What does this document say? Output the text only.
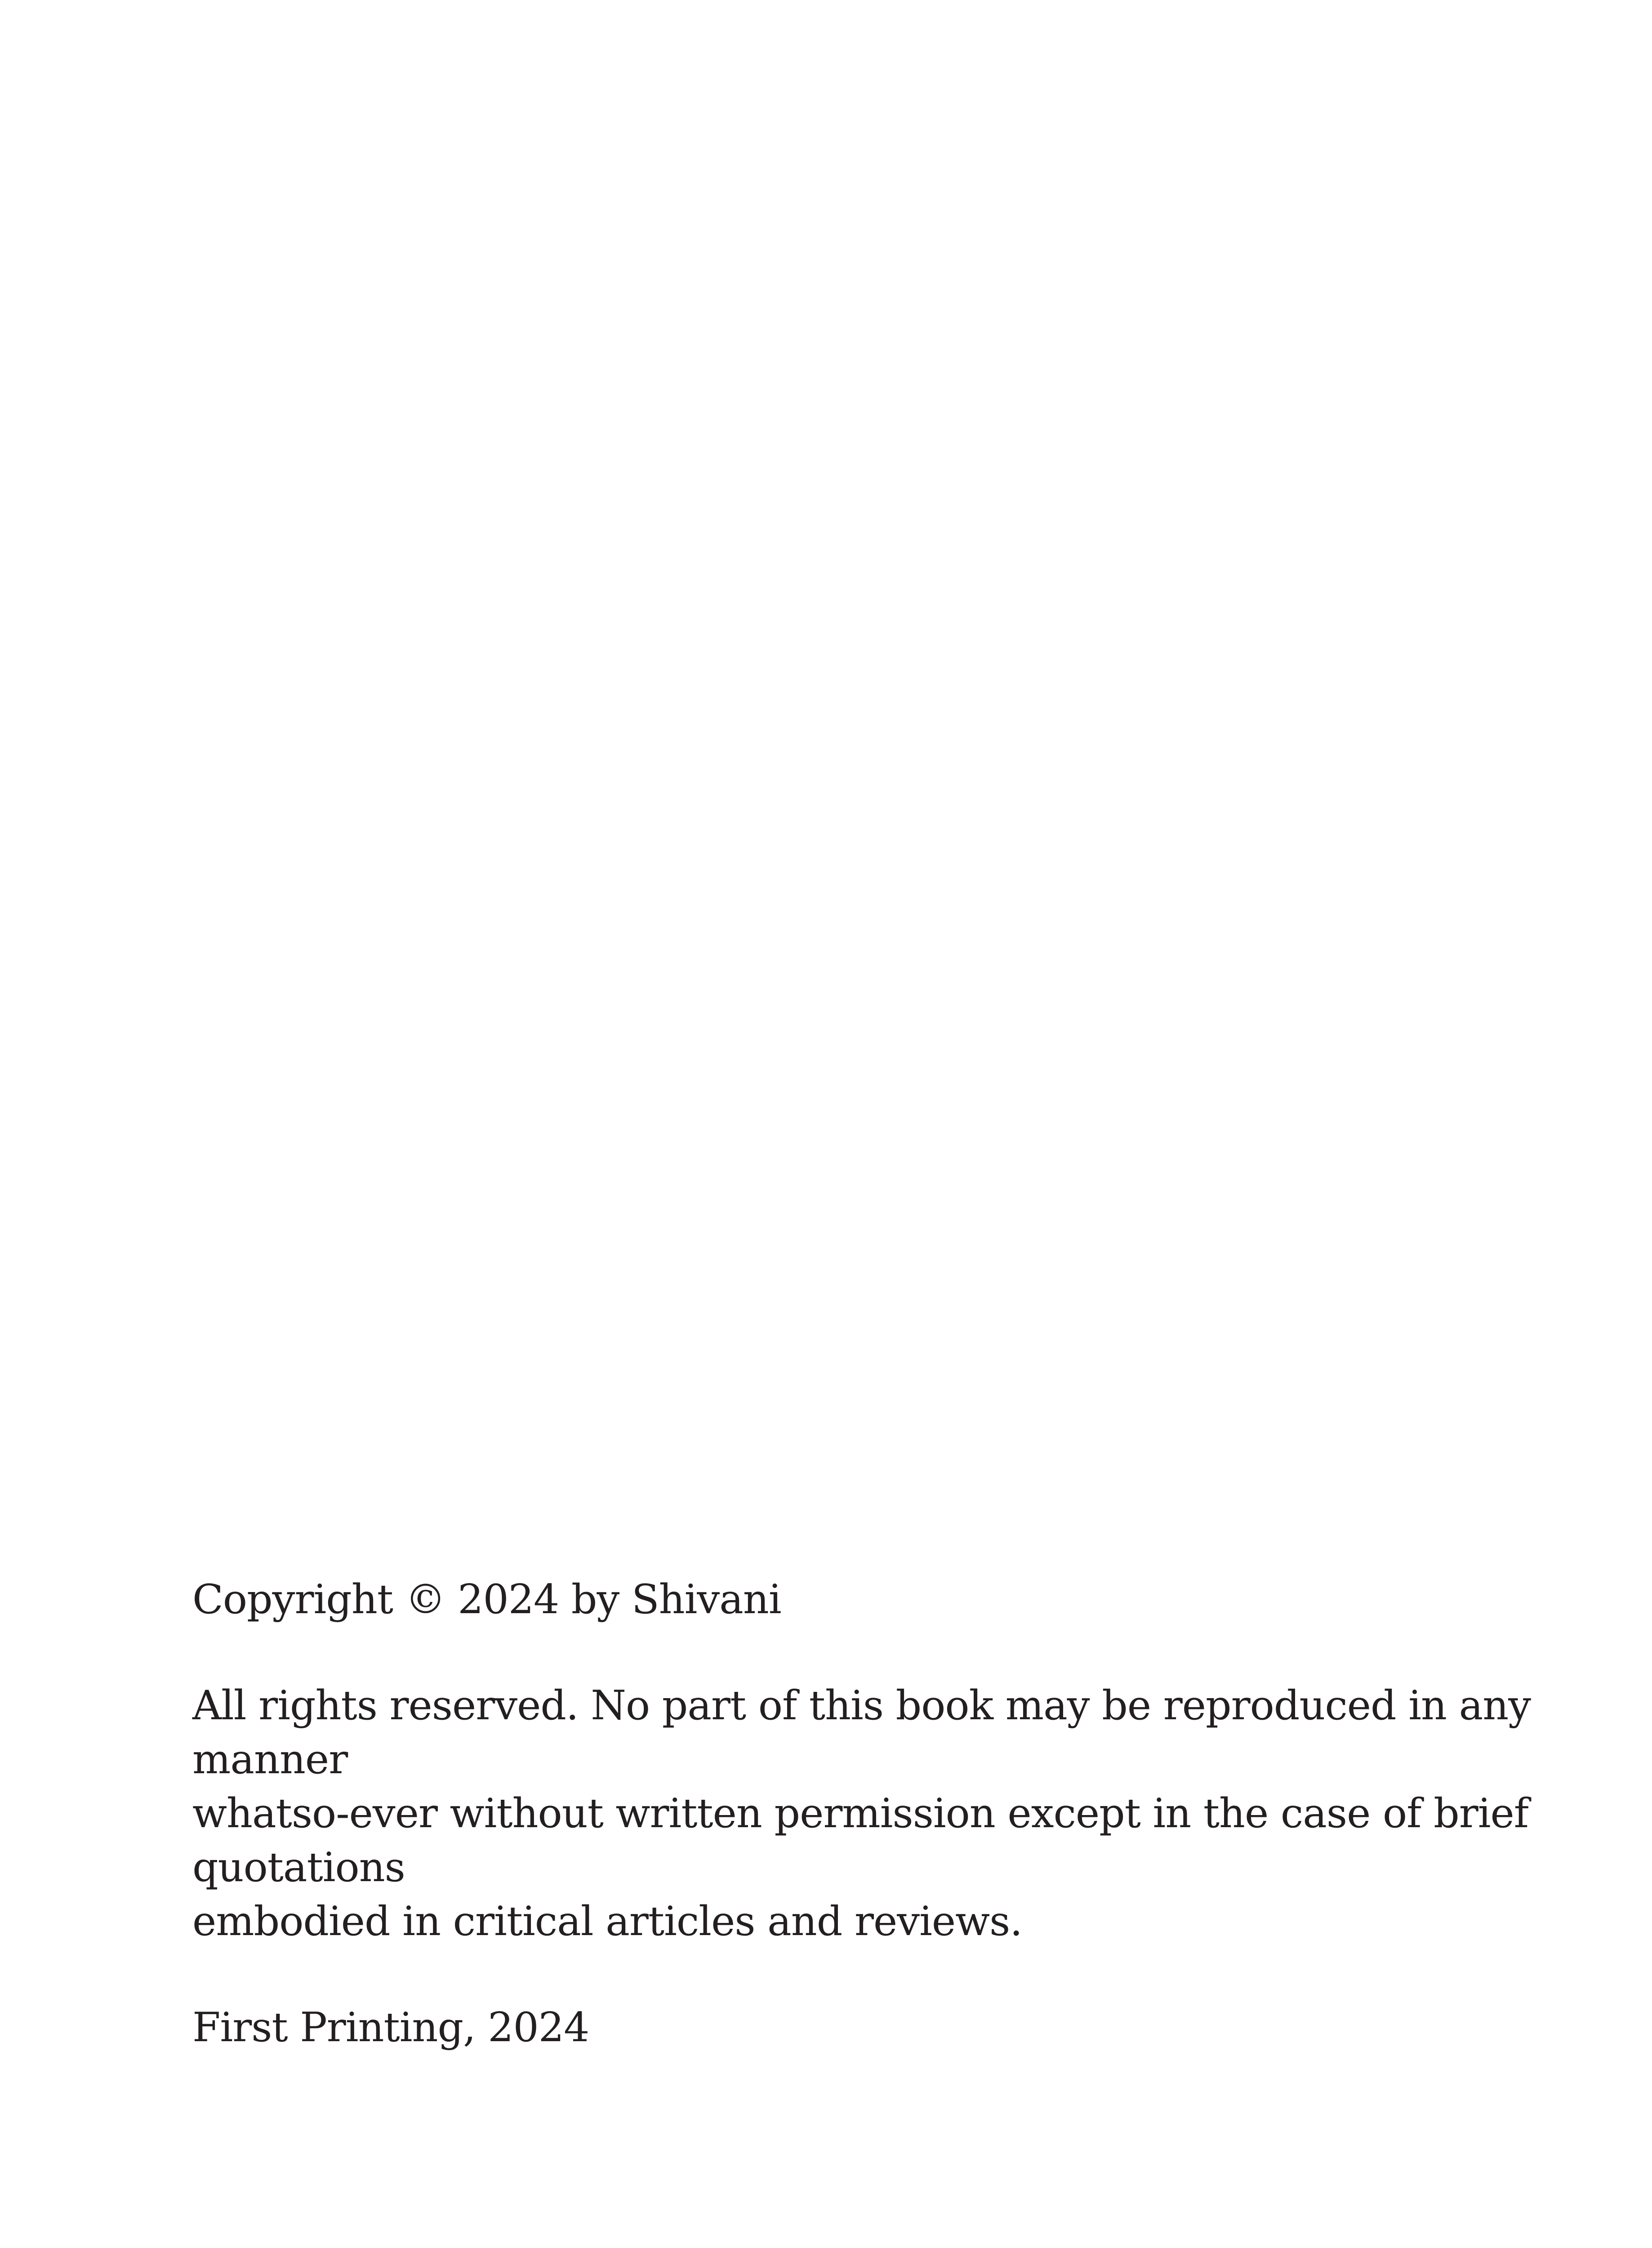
Copyright © 2024 by Shivani

All rights reserved. No part of this book may be reproduced in any

manner

whatso-ever without written permission except in the case of brief

quotations

embodied in critical articles and reviews.

First Printing, 2024
